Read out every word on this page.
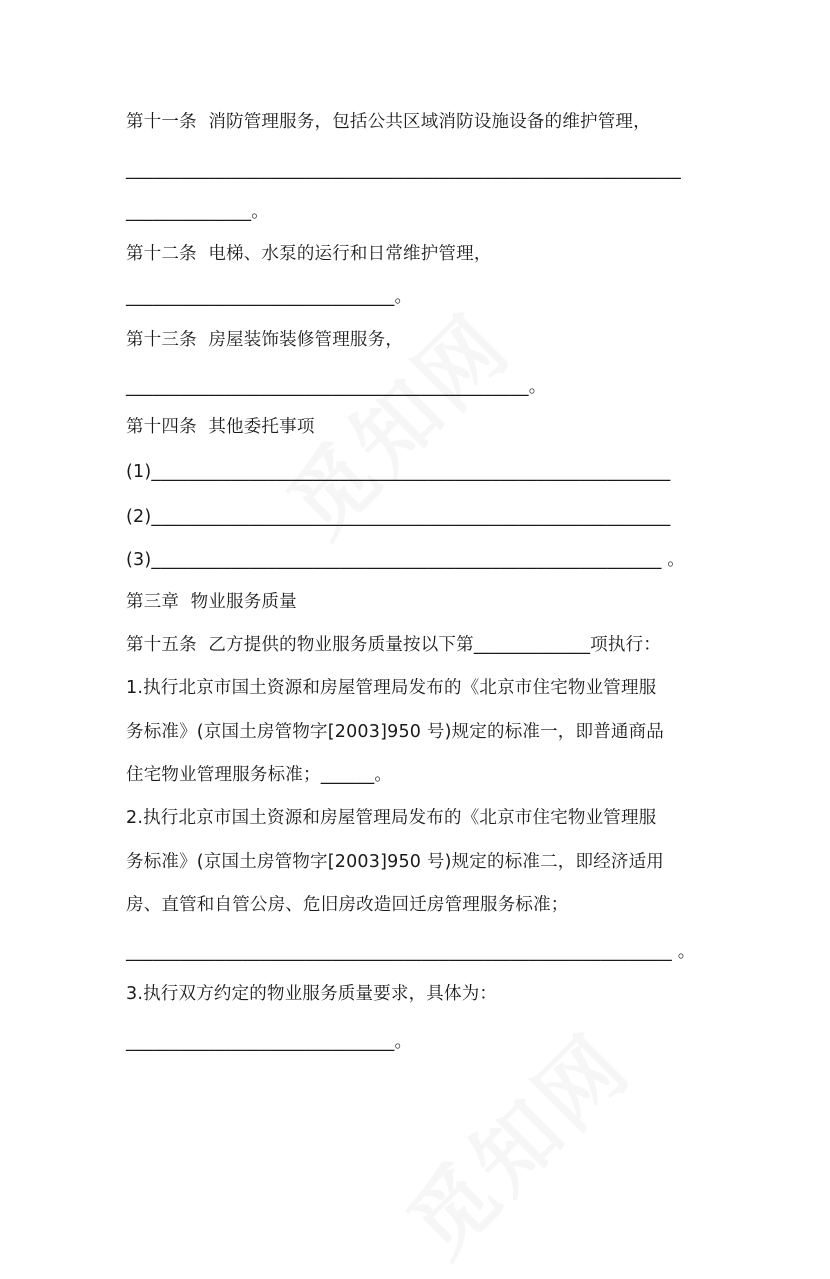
第十一条  消防管理服务，包括公共区域消防设施设备的维护管理，
______________________________________________________________
______________。
第十二条  电梯、水泵的运行和日常维护管理，
______________________________。
第十三条  房屋装饰装修管理服务，
_____________________________________________。
第十四条  其他委托事项
(1)__________________________________________________________
(2)__________________________________________________________
(3)_________________________________________________________ 。
第三章  物业服务质量
第十五条  乙方提供的物业服务质量按以下第_____________项执行：
1.执行北京市国土资源和房屋管理局发布的《北京市住宅物业管理服
务标准》(京国土房管物字[2003]950 号)规定的标准一，即普通商品
住宅物业管理服务标准；______。
2.执行北京市国土资源和房屋管理局发布的《北京市住宅物业管理服
务标准》(京国土房管物字[2003]950 号)规定的标准二，即经济适用
房、直管和自管公房、危旧房改造回迁房管理服务标准；
_____________________________________________________________ 。
3.执行双方约定的物业服务质量要求，具体为：
______________________________。
